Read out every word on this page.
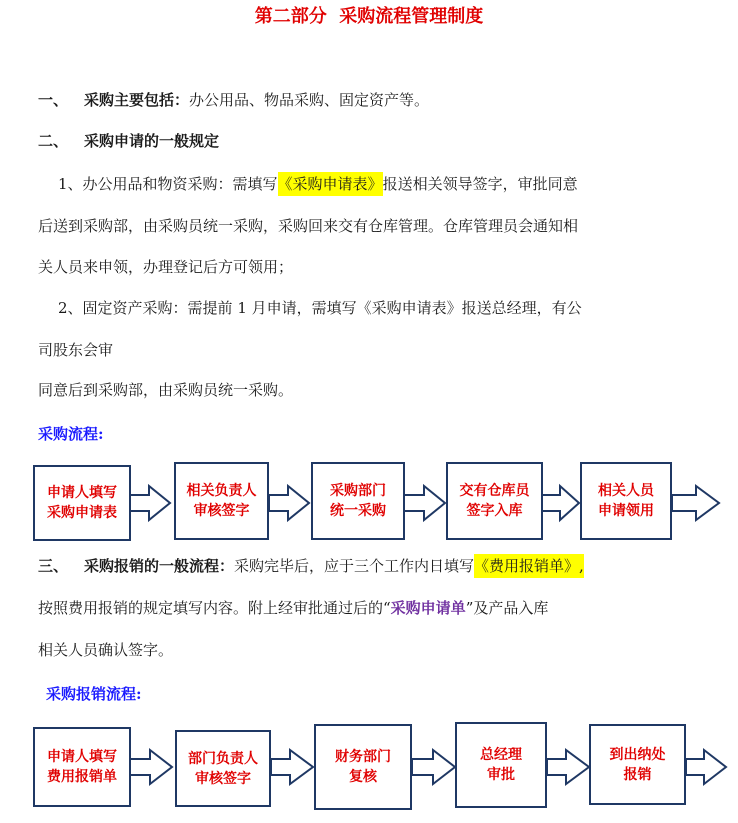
第二部分  采购流程管理制度
一、 采购主要包括：办公用品、物品采购、固定资产等。
二、 采购申请的一般规定
1、办公用品和物资采购：需填写《采购申请表》报送相关领导签字，审批同意
后送到采购部，由采购员统一采购，采购回来交有仓库管理。仓库管理员会通知相
关人员来申领，办理登记后方可领用；
2、固定资产采购：需提前 1 月申请，需填写《采购申请表》报送总经理，有公
司股东会审
同意后到采购部，由采购员统一采购。
采购流程:
申请人填写
采购申请表
相关负责人
审核签字
采购部门
统一采购
交有仓库员
签字入库
相关人员
申请领用
三、 采购报销的一般流程：采购完毕后，应于三个工作内日填写《费用报销单》,
按照费用报销的规定填写内容。附上经审批通过后的“采购申请单”及产品入库
相关人员确认签字。
采购报销流程:
申请人填写
费用报销单
部门负责人
审核签字
财务部门
复核
总经理
审批
到出纳处
报销
